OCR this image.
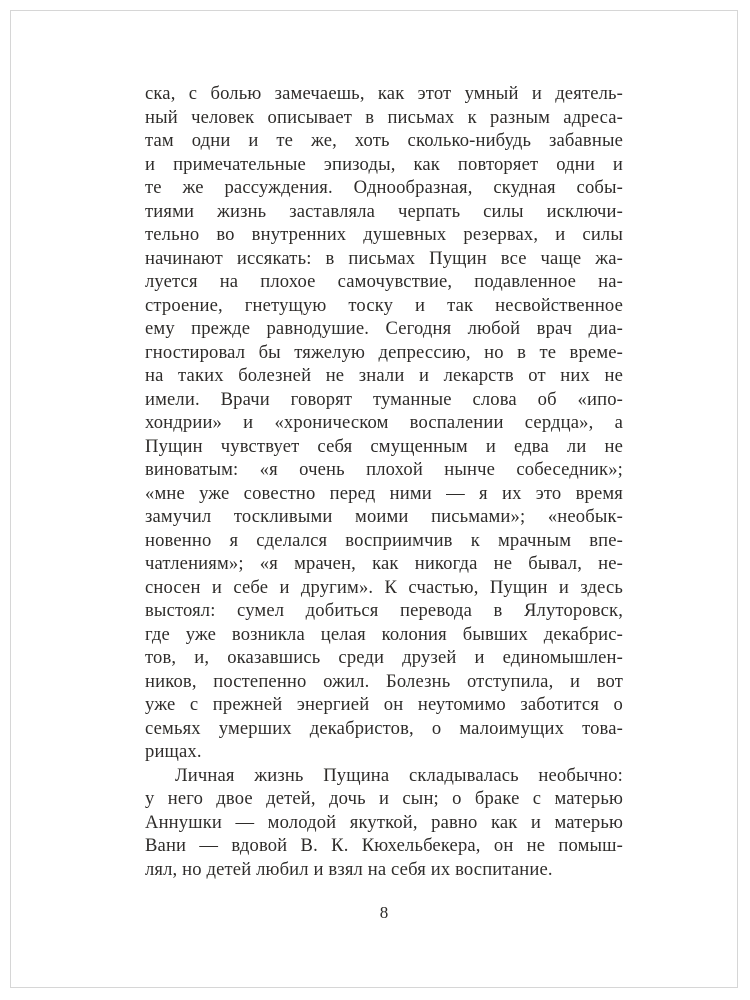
ска, с болью замечаешь, как этот умный и деятель-
ный человек описывает в письмах к разным адреса-
там одни и те же, хоть сколько-нибудь забавные
и примечательные эпизоды, как повторяет одни и
те же рассуждения. Однообразная, скудная собы-
тиями жизнь заставляла черпать силы исключи-
тельно во внутренних душевных резервах, и силы
начинают иссякать: в письмах Пущин все чаще жа-
луется на плохое самочувствие, подавленное на-
строение, гнетущую тоску и так несвойственное
ему прежде равнодушие. Сегодня любой врач диа-
гностировал бы тяжелую депрессию, но в те време-
на таких болезней не знали и лекарств от них не
имели. Врачи говорят туманные слова об «ипо-
хондрии» и «хроническом воспалении сердца», а
Пущин чувствует себя смущенным и едва ли не
виноватым: «я очень плохой нынче собеседник»;
«мне уже совестно перед ними — я их это время
замучил тоскливыми моими письмами»; «необык-
новенно я сделался восприимчив к мрачным впе-
чатлениям»; «я мрачен, как никогда не бывал, не-
сносен и себе и другим». К счастью, Пущин и здесь
выстоял: сумел добиться перевода в Ялуторовск,
где уже возникла целая колония бывших декабрис-
тов, и, оказавшись среди друзей и единомышлен-
ников, постепенно ожил. Болезнь отступила, и вот
уже с прежней энергией он неутомимо заботится о
семьях умерших декабристов, о малоимущих това-
рищах.
Личная жизнь Пущина складывалась необычно:
у него двое детей, дочь и сын; о браке с матерью
Аннушки — молодой якуткой, равно как и матерью
Вани — вдовой В. К. Кюхельбекера, он не помыш-
лял, но детей любил и взял на себя их воспитание.
8
